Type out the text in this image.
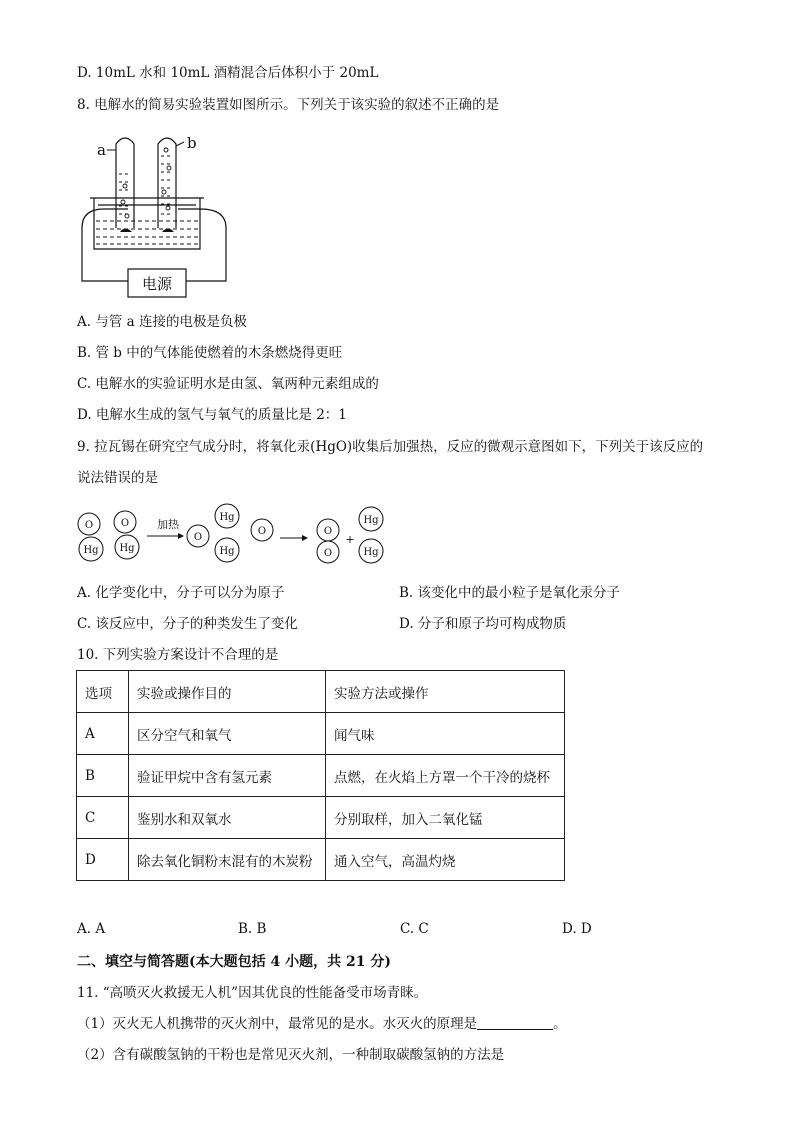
D. 10mL 水和 10mL 酒精混合后体积小于 20mL
8. 电解水的简易实验装置如图所示。下列关于该实验的叙述不正确的是
a	b
电源
A. 与管 a 连接的电极是负极
B. 管 b 中的气体能使燃着的木条燃烧得更旺
C. 电解水的实验证明水是由氢、氧两种元素组成的
D. 电解水生成的氢气与氧气的质量比是 2：1
9. 拉瓦锡在研究空气成分时，将氧化汞(HgO)收集后加强热，反应的微观示意图如下，下列关于该反应的
说法错误的是
O
Hg
O
Hg
Hg
O
Hg
O	O
O
Hg
Hg
加热
+
A. 化学变化中，分子可以分为原子	B. 该变化中的最小粒子是氧化汞分子
C. 该反应中，分子的种类发生了变化	D. 分子和原子均可构成物质
10. 下列实验方案设计不合理的是
选项	实验或操作目的	实验方法或操作
A	区分空气和氧气	闻气味
B	验证甲烷中含有氢元素	点燃，在火焰上方罩一个干冷的烧杯
C	鉴别水和双氧水	分别取样，加入二氧化锰
D	除去氧化铜粉末混有的木炭粉	通入空气，高温灼烧
A. A	B. B	C. C	D. D
二、填空与简答题(本大题包括 4 小题，共 21 分)
11. “高喷灭火救援无人机”因其优良的性能备受市场青睐。
（1）灭火无人机携带的灭火剂中，最常见的是水。水灭火的原理是	。
（2）含有碳酸氢钠的干粉也是常见灭火剂，一种制取碳酸氢钠的方法是
